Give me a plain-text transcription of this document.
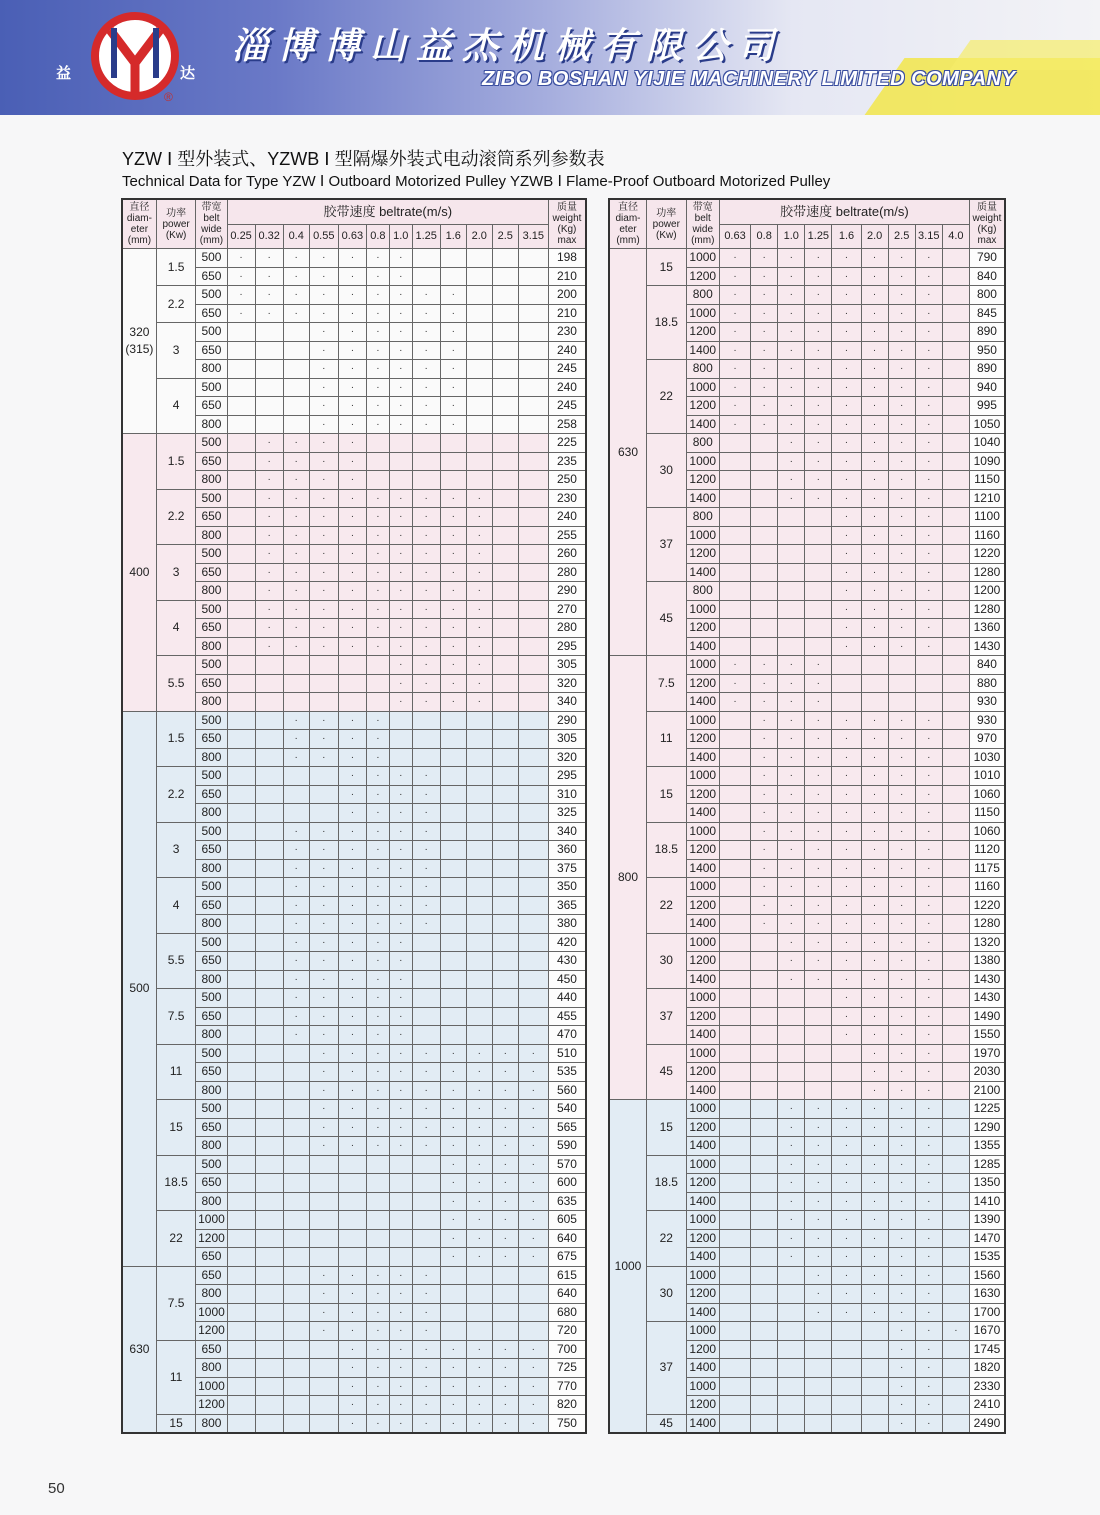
益	达
®
淄博博山益杰机械有限公司
ZIBO BOSHAN YIJIE MACHINERY LIMITED COMPANY
YZW Ⅰ 型外装式、YZWB Ⅰ 型隔爆外装式电动滚筒系列参数表
Technical Data for Type YZW Ⅰ Outboard Motorized Pulley YZWB Ⅰ Flame-Proof Outboard Motorized Pulley
直径
diam-
eter
(mm)	功率
power
(Kw)	带宽
belt
wide
(mm)	胶带速度 beltrate(m/s)												质量
weight
(Kg)
max
			0.25	0.32	0.4	0.55	0.63	0.8	1.0	1.25	1.6	2.0	2.5	3.15	
320
(315)	1.5	500	·	·	·	·	·	·	·						198
		650	·	·	·	·	·	·	·						210
	2.2	500	·	·	·	·	·	·	·	·	·				200
		650	·	·	·	·	·	·	·	·	·				210
	3	500				·	·	·	·	·	·				230
		650				·	·	·	·	·	·				240
		800				·	·	·	·	·	·				245
	4	500				·	·	·	·	·	·				240
		650				·	·	·	·	·	·				245
		800				·	·	·	·	·	·				258
400	1.5	500		·	·	·	·								225
		650		·	·	·	·								235
		800		·	·	·	·								250
	2.2	500		·	·	·	·	·	·	·	·	·			230
		650		·	·	·	·	·	·	·	·	·			240
		800		·	·	·	·	·	·	·	·	·			255
	3	500		·	·	·	·	·	·	·	·	·			260
		650		·	·	·	·	·	·	·	·	·			280
		800		·	·	·	·	·	·	·	·	·			290
	4	500		·	·	·	·	·	·	·	·	·			270
		650		·	·	·	·	·	·	·	·	·			280
		800		·	·	·	·	·	·	·	·	·			295
	5.5	500							·	·	·	·			305
		650							·	·	·	·			320
		800							·	·	·	·			340
500	1.5	500			·	·	·	·							290
		650			·	·	·	·							305
		800			·	·	·	·							320
	2.2	500					·	·	·	·					295
		650					·	·	·	·					310
		800					·	·	·	·					325
	3	500			·	·	·	·	·	·					340
		650			·	·	·	·	·	·					360
		800			·	·	·	·	·	·					375
	4	500			·	·	·	·	·	·					350
		650			·	·	·	·	·	·					365
		800			·	·	·	·	·	·					380
	5.5	500			·	·	·	·	·						420
		650			·	·	·	·	·						430
		800			·	·	·	·	·						450
	7.5	500			·	·	·	·	·						440
		650			·	·	·	·	·						455
		800			·	·	·	·	·						470
	11	500				·	·	·	·	·	·	·	·	·	510
		650				·	·	·	·	·	·	·	·	·	535
		800				·	·	·	·	·	·	·	·	·	560
	15	500				·	·	·	·	·	·	·	·	·	540
		650				·	·	·	·	·	·	·	·	·	565
		800				·	·	·	·	·	·	·	·	·	590
	18.5	500									·	·	·	·	570
		650									·	·	·	·	600
		800									·	·	·	·	635
	22	1000									·	·	·	·	605
		1200									·	·	·	·	640
		650									·	·	·	·	675
630	7.5	650				·	·	·	·	·					615
		800				·	·	·	·	·					640
		1000				·	·	·	·	·					680
		1200				·	·	·	·	·					720
	11	650					·	·	·	·	·	·	·	·	700
		800					·	·	·	·	·	·	·	·	725
		1000					·	·	·	·	·	·	·	·	770
		1200					·	·	·	·	·	·	·	·	820
	15	800					·	·	·	·	·	·	·	·	750
直径
diam-
eter
(mm)	功率
power
(Kw)	带宽
belt
wide
(mm)	胶带速度 beltrate(m/s)									质量
weight
(Kg)
max
			0.63	0.8	1.0	1.25	1.6	2.0	2.5	3.15	4.0	
630	15	1000	·	·	·	·	·	·	·	·		790
		1200	·	·	·	·	·	·	·	·		840
	18.5	800	·	·	·	·	·	·	·	·		800
		1000	·	·	·	·	·	·	·	·		845
		1200	·	·	·	·	·	·	·	·		890
		1400	·	·	·	·	·	·	·	·		950
	22	800	·	·	·	·	·	·	·	·		890
		1000	·	·	·	·	·	·	·	·		940
		1200	·	·	·	·	·	·	·	·		995
		1400	·	·	·	·	·	·	·	·		1050
	30	800			·	·	·	·	·	·		1040
		1000			·	·	·	·	·	·		1090
		1200			·	·	·	·	·	·		1150
		1400			·	·	·	·	·	·		1210
	37	800					·	·	·	·		1100
		1000					·	·	·	·		1160
		1200					·	·	·	·		1220
		1400					·	·	·	·		1280
	45	800					·	·	·	·		1200
		1000					·	·	·	·		1280
		1200					·	·	·	·		1360
		1400					·	·	·	·		1430
800	7.5	1000	·	·	·	·						840
		1200	·	·	·	·						880
		1400	·	·	·	·						930
	11	1000		·	·	·	·	·	·	·		930
		1200		·	·	·	·	·	·	·		970
		1400		·	·	·	·	·	·	·		1030
	15	1000		·	·	·	·	·	·	·		1010
		1200		·	·	·	·	·	·	·		1060
		1400		·	·	·	·	·	·	·		1150
	18.5	1000		·	·	·	·	·	·	·		1060
		1200		·	·	·	·	·	·	·		1120
		1400		·	·	·	·	·	·	·		1175
	22	1000		·	·	·	·	·	·	·		1160
		1200		·	·	·	·	·	·	·		1220
		1400		·	·	·	·	·	·	·		1280
	30	1000			·	·	·	·	·	·		1320
		1200			·	·	·	·	·	·		1380
		1400			·	·	·	·	·	·		1430
	37	1000					·	·	·	·		1430
		1200					·	·	·	·		1490
		1400					·	·	·	·		1550
	45	1000						·	·	·		1970
		1200						·	·	·		2030
		1400						·	·	·		2100
1000	15	1000			·	·	·	·	·	·		1225
		1200			·	·	·	·	·	·		1290
		1400			·	·	·	·	·	·		1355
	18.5	1000			·	·	·	·	·	·		1285
		1200			·	·	·	·	·	·		1350
		1400			·	·	·	·	·	·		1410
	22	1000			·	·	·	·	·	·		1390
		1200			·	·	·	·	·	·		1470
		1400			·	·	·	·	·	·		1535
	30	1000				·	·	·	·	·		1560
		1200				·	·	·	·	·		1630
		1400				·	·	·	·	·		1700
	37	1000							·	·	·	1670
		1200							·	·		1745
		1400							·	·		1820
		1000							·	·		2330
		1200							·	·		2410
	45	1400							·	·		2490
50
